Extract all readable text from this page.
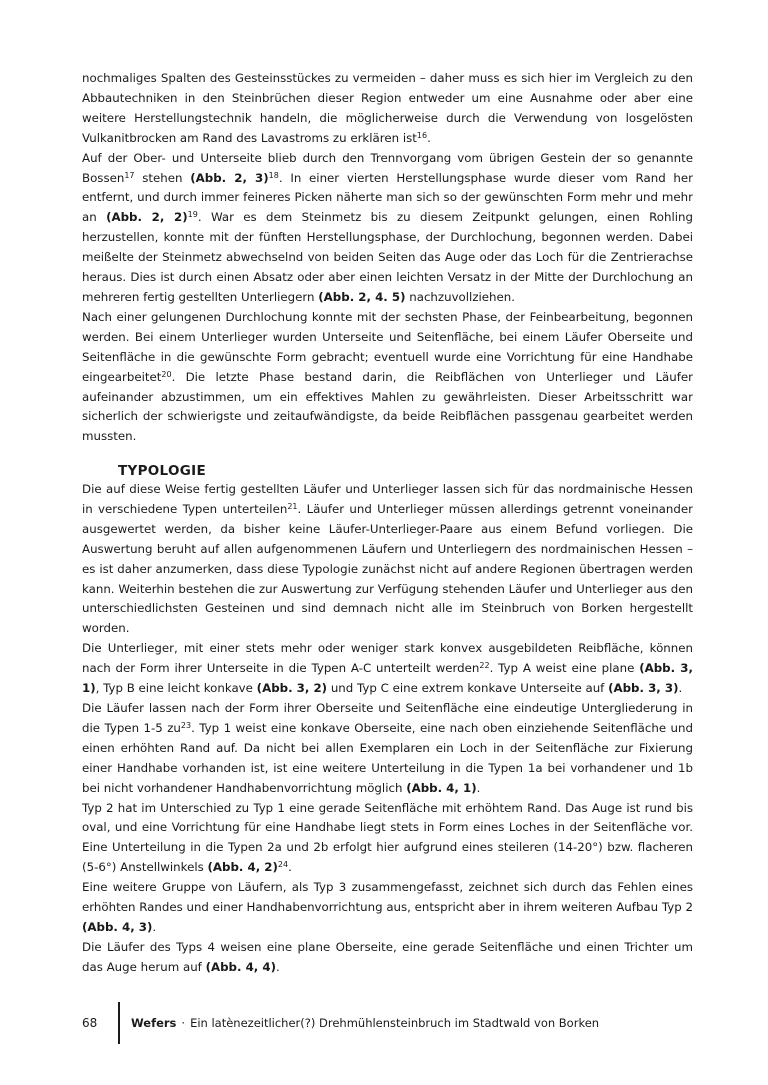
nochmaliges Spalten des Gesteinsstückes zu vermeiden – daher muss es sich hier im Vergleich zu den Abbautechniken in den Steinbrüchen dieser Region entweder um eine Ausnahme oder aber eine weitere Herstellungstechnik handeln, die möglicherweise durch die Verwendung von losgelösten Vulkanitbrocken am Rand des Lavastroms zu erklären ist$^{16}$.

Auf der Ober- und Unterseite blieb durch den Trennvorgang vom übrigen Gestein der so genannte Bossen$^{17}$ stehen (Abb. 2, 3)$^{18}$. In einer vierten Herstellungsphase wurde dieser vom Rand her entfernt, und durch immer feineres Picken näherte man sich so der gewünschten Form mehr und mehr an (Abb. 2, 2)$^{19}$. War es dem Steinmetz bis zu diesem Zeitpunkt gelungen, einen Rohling herzustellen, konnte mit der fünften Herstellungsphase, der Durchlochung, begonnen werden. Dabei meißelte der Steinmetz abwechselnd von beiden Seiten das Auge oder das Loch für die Zentrierachse heraus. Dies ist durch einen Absatz oder aber einen leichten Versatz in der Mitte der Durchlochung an mehreren fertig gestellten Unterliegern (Abb. 2, 4. 5) nachzuvollziehen.

Nach einer gelungenen Durchlochung konnte mit der sechsten Phase, der Feinbearbeitung, begonnen werden. Bei einem Unterlieger wurden Unterseite und Seitenfläche, bei einem Läufer Oberseite und Seitenfläche in die gewünschte Form gebracht; eventuell wurde eine Vorrichtung für eine Handhabe eingearbeitet$^{20}$. Die letzte Phase bestand darin, die Reibflächen von Unterlieger und Läufer aufeinander abzustimmen, um ein effektives Mahlen zu gewährleisten. Dieser Arbeitsschritt war sicherlich der schwierigste und zeitaufwändigste, da beide Reibflächen passgenau gearbeitet werden mussten.

TYPOLOGIE

Die auf diese Weise fertig gestellten Läufer und Unterlieger lassen sich für das nordmainische Hessen in verschiedene Typen unterteilen$^{21}$. Läufer und Unterlieger müssen allerdings getrennt voneinander ausgewertet werden, da bisher keine Läufer-Unterlieger-Paare aus einem Befund vorliegen. Die Auswertung beruht auf allen aufgenommenen Läufern und Unterliegern des nordmainischen Hessen – es ist daher anzumerken, dass diese Typologie zunächst nicht auf andere Regionen übertragen werden kann. Weiterhin bestehen die zur Auswertung zur Verfügung stehenden Läufer und Unterlieger aus den unterschiedlichsten Gesteinen und sind demnach nicht alle im Steinbruch von Borken hergestellt worden.

Die Unterlieger, mit einer stets mehr oder weniger stark konvex ausgebildeten Reibfläche, können nach der Form ihrer Unterseite in die Typen A-C unterteilt werden$^{22}$. Typ A weist eine plane (Abb. 3, 1), Typ B eine leicht konkave (Abb. 3, 2) und Typ C eine extrem konkave Unterseite auf (Abb. 3, 3).

Die Läufer lassen nach der Form ihrer Oberseite und Seitenfläche eine eindeutige Untergliederung in die Typen 1-5 $zu^{23}$. Typ 1 weist eine konkave Oberseite, eine nach oben einziehende Seitenfläche und einen erhöhten Rand auf. Da nicht bei allen Exemplaren ein Loch in der Seitenfläche zur Fixierung einer Handhabe vorhanden ist, ist eine weitere Unterteilung in die Typen 1a bei vorhandener und 1b bei nicht vorhandener Handhabenvorrichtung möglich (Abb. 4, 1).

Typ 2 hat im Unterschied zu Typ 1 eine gerade Seitenfläche mit erhöhtem Rand. Das Auge ist rund bis oval, und eine Vorrichtung für eine Handhabe liegt stets in Form eines Loches in der Seitenfläche vor. Eine Unterteilung in die Typen 2a und 2b erfolgt hier aufgrund eines steileren (14-20°) bzw. flacheren (5-6°) Anstellwinkels (Abb. 4, 2)$^{24}$.

Eine weitere Gruppe von Läufern, als Typ 3 zusammengefasst, zeichnet sich durch das Fehlen eines erhöhten Randes und einer Handhabenvorrichtung aus, entspricht aber in ihrem weiteren Aufbau Typ 2 (Abb. 4, 3).

Die Läufer des Typs 4 weisen eine plane Oberseite, eine gerade Seitenfläche und einen Trichter um das Auge herum auf (Abb. 4, 4).

68	Wefers · Ein latènezeitlicher(?) Drehmühlensteinbruch im Stadtwald von Borken
